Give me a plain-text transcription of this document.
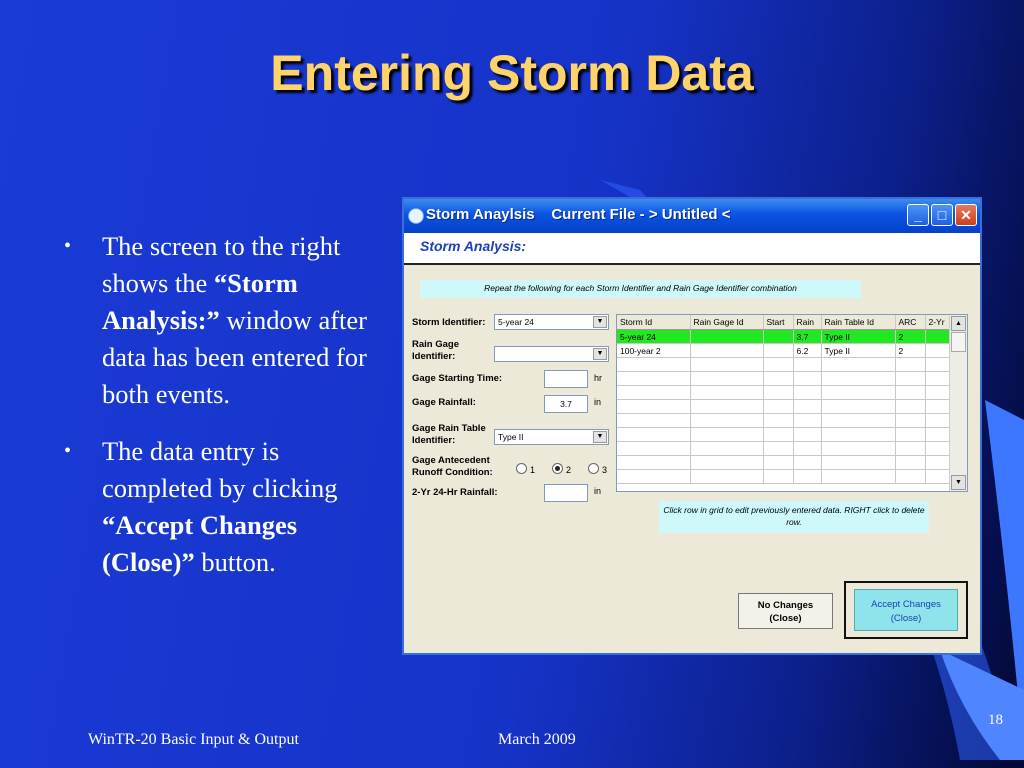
Entering Storm Data
• The screen to the right shows the “Storm Analysis:” window after data has been entered for both events.
• The data entry is completed by clicking “Accept Changes (Close)” button.
Storm Anaylsis    Current File - > Untitled <	_	□ ✕
Storm Analysis:
Repeat the following for each Storm Identifier and Rain Gage Identifier combination
Storm Identifier:	5-year 24	▼
Rain Gage
Identifier:	▼
Gage Starting Time:	hr
Gage Rainfall:	3.7	in
Gage Rain Table
Identifier:	Type II	▼
Gage Antecedent
Runoff Condition:	1	2	3
2-Yr 24-Hr Rainfall:	in
Storm Id	Rain Gage Id	Start	Rain	Rain Table Id	ARC	2-Yr
5-year 24			3.7	Type II	2	
100-year 2			6.2	Type II	2	

▲
▼
Click row in grid to edit previously entered data. RIGHT click to delete row.
No Changes
(Close)
Accept Changes
(Close)
WinTR-20 Basic Input & Output	March 2009
18
